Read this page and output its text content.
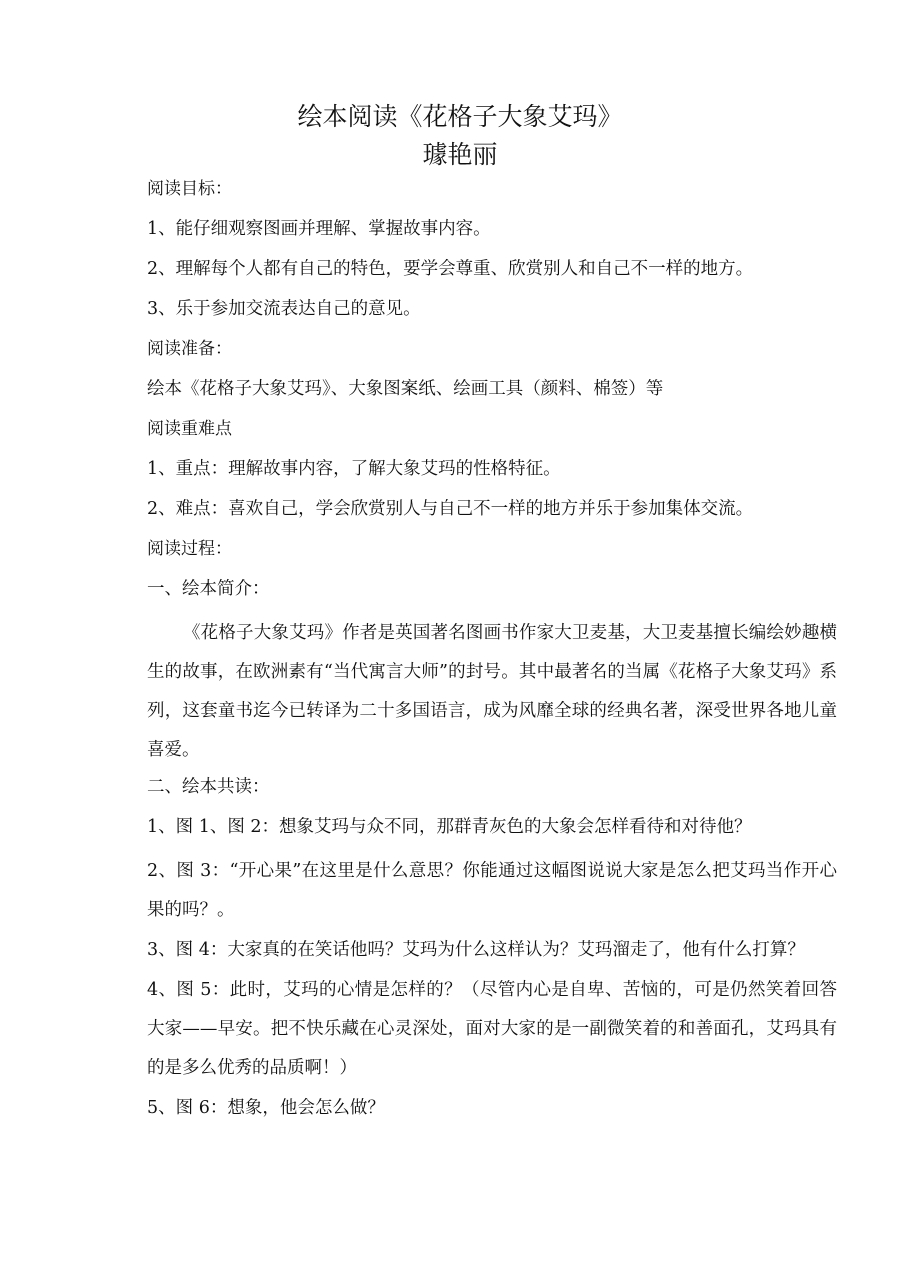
绘本阅读《花格子大象艾玛》
璩艳丽
阅读目标：
1、能仔细观察图画并理解、掌握故事内容。
2、理解每个人都有自己的特色，要学会尊重、欣赏别人和自己不一样的地方。
3、乐于参加交流表达自己的意见。
阅读准备：
绘本《花格子大象艾玛》、大象图案纸、绘画工具（颜料、棉签）等
阅读重难点
1、重点：理解故事内容，了解大象艾玛的性格特征。
2、难点：喜欢自己，学会欣赏别人与自己不一样的地方并乐于参加集体交流。
阅读过程：
一、绘本简介：
《花格子大象艾玛》作者是英国著名图画书作家大卫麦基，大卫麦基擅长编绘妙趣横生的故事，在欧洲素有“当代寓言大师”的封号。其中最著名的当属《花格子大象艾玛》系列，这套童书迄今已转译为二十多国语言，成为风靡全球的经典名著，深受世界各地儿童喜爱。
二、绘本共读：
1、图 1、图 2：想象艾玛与众不同，那群青灰色的大象会怎样看待和对待他？
2、图 3：“开心果”在这里是什么意思？你能通过这幅图说说大家是怎么把艾玛当作开心果的吗？。
3、图 4：大家真的在笑话他吗？艾玛为什么这样认为？艾玛溜走了，他有什么打算？
4、图 5：此时，艾玛的心情是怎样的？（尽管内心是自卑、苦恼的，可是仍然笑着回答大家——早安。把不快乐藏在心灵深处，面对大家的是一副微笑着的和善面孔，艾玛具有的是多么优秀的品质啊！）
5、图 6：想象，他会怎么做？
